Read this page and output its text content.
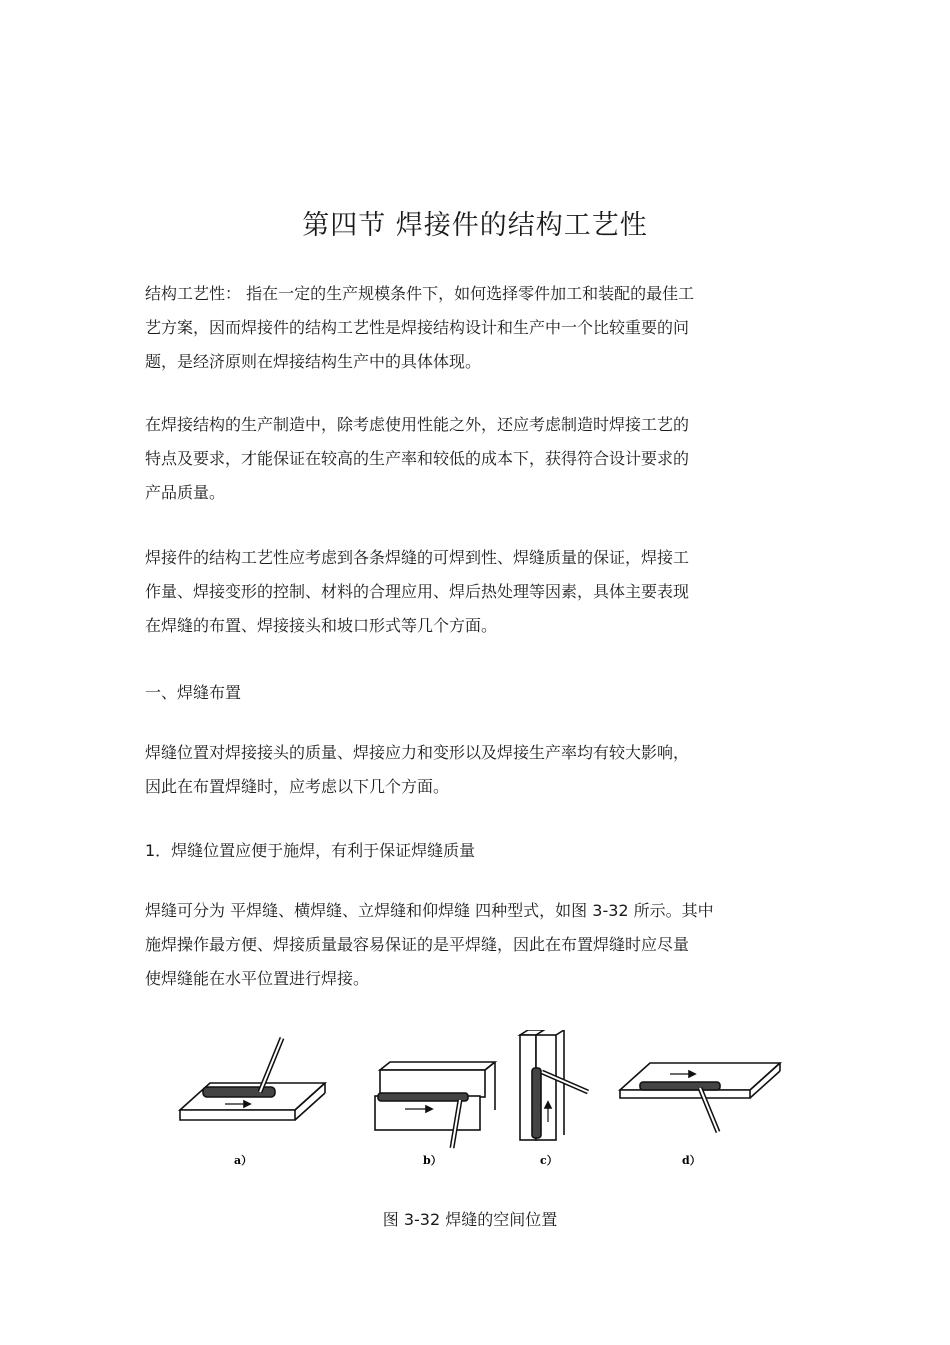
第四节 焊接件的结构工艺性
结构工艺性： 指在一定的生产规模条件下，如何选择零件加工和装配的最佳工
艺方案，因而焊接件的结构工艺性是焊接结构设计和生产中一个比较重要的问
题，是经济原则在焊接结构生产中的具体体现。
在焊接结构的生产制造中，除考虑使用性能之外，还应考虑制造时焊接工艺的
特点及要求，才能保证在较高的生产率和较低的成本下，获得符合设计要求的
产品质量。
焊接件的结构工艺性应考虑到各条焊缝的可焊到性、焊缝质量的保证，焊接工
作量、焊接变形的控制、材料的合理应用、焊后热处理等因素，具体主要表现
在焊缝的布置、焊接接头和坡口形式等几个方面。
一、焊缝布置
焊缝位置对焊接接头的质量、焊接应力和变形以及焊接生产率均有较大影响，
因此在布置焊缝时，应考虑以下几个方面。
1．焊缝位置应便于施焊，有利于保证焊缝质量
焊缝可分为 平焊缝、横焊缝、立焊缝和仰焊缝 四种型式，如图 3-32 所示。其中
施焊操作最方便、焊接质量最容易保证的是平焊缝，因此在布置焊缝时应尽量
使焊缝能在水平位置进行焊接。
a）	b）	c）	d）
图 3-32 焊缝的空间位置
